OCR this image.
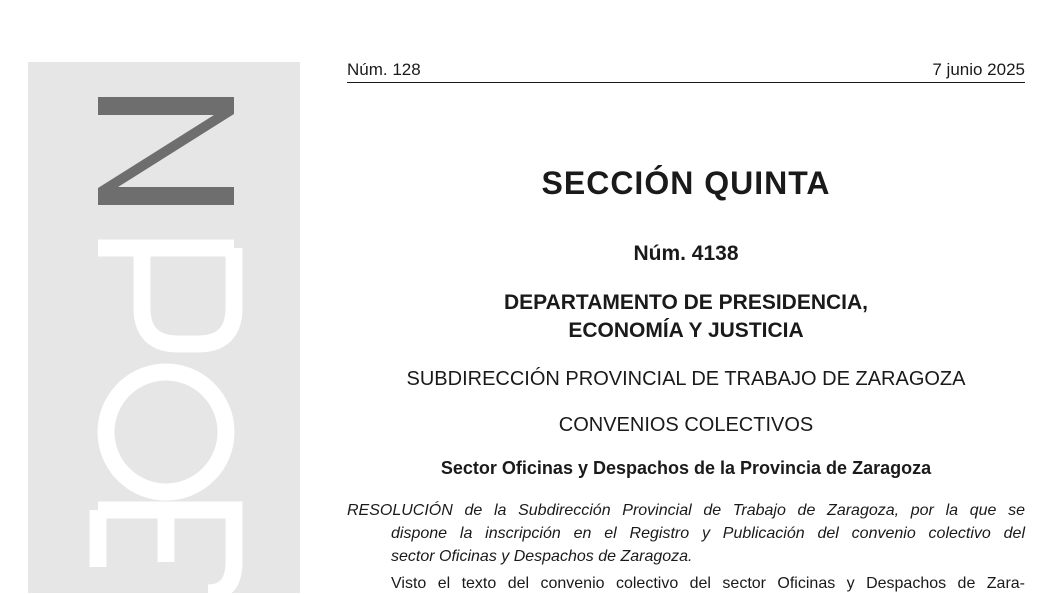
Núm. 128	7 junio 2025
SECCIÓN QUINTA
Núm. 4138
DEPARTAMENTO DE PRESIDENCIA,
ECONOMÍA Y JUSTICIA
SUBDIRECCIÓN PROVINCIAL DE TRABAJO DE ZARAGOZA
CONVENIOS COLECTIVOS
Sector Oficinas y Despachos de la Provincia de Zaragoza
RESOLUCIÓN de la Subdirección Provincial de Trabajo de Zaragoza, por la que se
dispone la inscripción en el Registro y Publicación del convenio colectivo del
sector Oficinas y Despachos de Zaragoza.
Visto el texto del convenio colectivo del sector Oficinas y Despachos de Zara-
